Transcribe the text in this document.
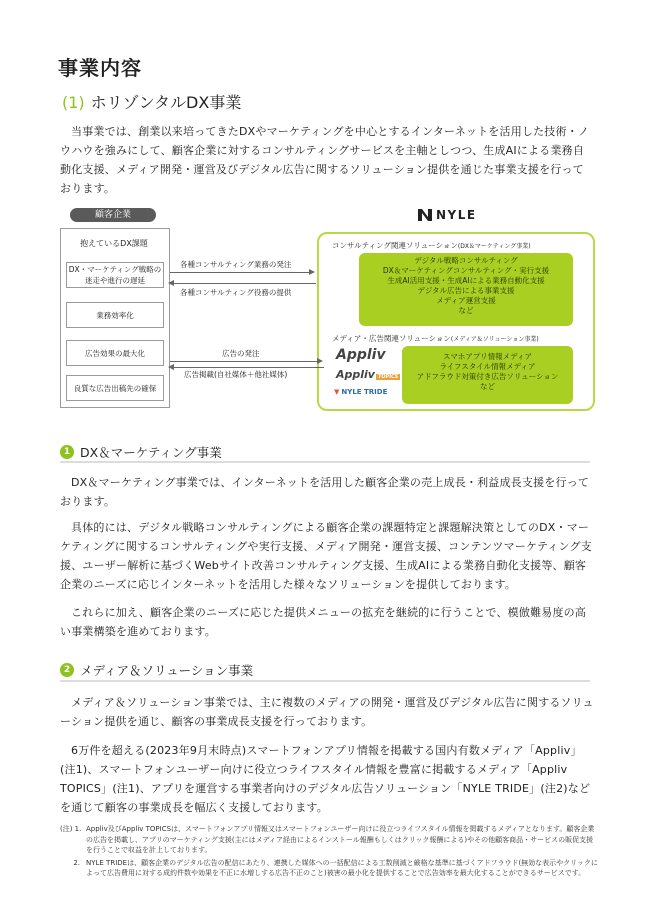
事業内容
(1) ホリゾンタルDX事業

当事業では、創業以来培ってきたDXやマーケティングを中心とするインターネットを活用した技術・ノウハウを強みにして、顧客企業に対するコンサルティングサービスを主軸としつつ、生成AIによる業務自動化支援、メディア開発・運営及びデジタル広告に関するソリューション提供を通じた事業支援を行っております。

顧客企業
抱えているDX課題
DX・マーケティング戦略の迷走や進行の遅延
業務効率化
広告効果の最大化
良質な広告出稿先の確保
NYLE
コンサルティング関連ソリューション(DX＆マーケティング事業)
デジタル戦略コンサルティング
DX＆マーケティングコンサルティング・実行支援
生成AI活用支援・生成AIによる業務自動化支援
デジタル広告による事業支援
メディア運営支援
など
メディア・広告関連ソリューション(メディア＆ソリューション事業)
Appliv
Appliv TOPICS
▼ NYLE TRIDE
スマホアプリ情報メディア
ライフスタイル情報メディア
アドフラウド対策付き広告ソリューション
など
各種コンサルティング業務の発注
各種コンサルティング役務の提供
広告の発注
広告掲載(自社媒体＋他社媒体)
1 DX＆マーケティング事業
DX＆マーケティング事業では、インターネットを活用した顧客企業の売上成長・利益成長支援を行っております。
具体的には、デジタル戦略コンサルティングによる顧客企業の課題特定と課題解決策としてのDX・マーケティングに関するコンサルティングや実行支援、メディア開発・運営支援、コンテンツマーケティング支援、ユーザー解析に基づくWebサイト改善コンサルティング支援、生成AIによる業務自動化支援等、顧客企業のニーズに応じインターネットを活用した様々なソリューションを提供しております。
これらに加え、顧客企業のニーズに応じた提供メニューの拡充を継続的に行うことで、模倣難易度の高い事業構築を進めております。
2 メディア＆ソリューション事業
メディア＆ソリューション事業では、主に複数のメディアの開発・運営及びデジタル広告に関するソリューション提供を通じ、顧客の事業成長支援を行っております。
6万件を超える(2023年9月末時点)スマートフォンアプリ情報を掲載する国内有数メディア「Appliv」(注1)、スマートフォンユーザー向けに役立つライフスタイル情報を豊富に掲載するメディア「Appliv TOPICS」(注1)、アプリを運営する事業者向けのデジタル広告ソリューション「NYLE TRIDE」(注2)などを通じて顧客の事業成長を幅広く支援しております。
(注) 1. Appliv及びAppliv TOPICSは、スマートフォンアプリ情報又はスマートフォンユーザー向けに役立つライフスタイル情報を掲載するメディアとなります。顧客企業の広告を掲載し、アプリのマーケティング支援(主にはメディア経由によるインストール報酬もしくはクリック報酬による)やその他顧客商品・サービスの販促支援を行うことで収益を計上しております。
2. NYLE TRIDEは、顧客企業のデジタル広告の配信にあたり、連携した媒体への一括配信による工数削減と厳格な基準に基づくアドフラウド(無効な表示やクリックによって広告費用に対する成約件数や効果を不正に水増しする広告不正のこと)被害の最小化を提供することで広告効率を最大化することができるサービスです。
